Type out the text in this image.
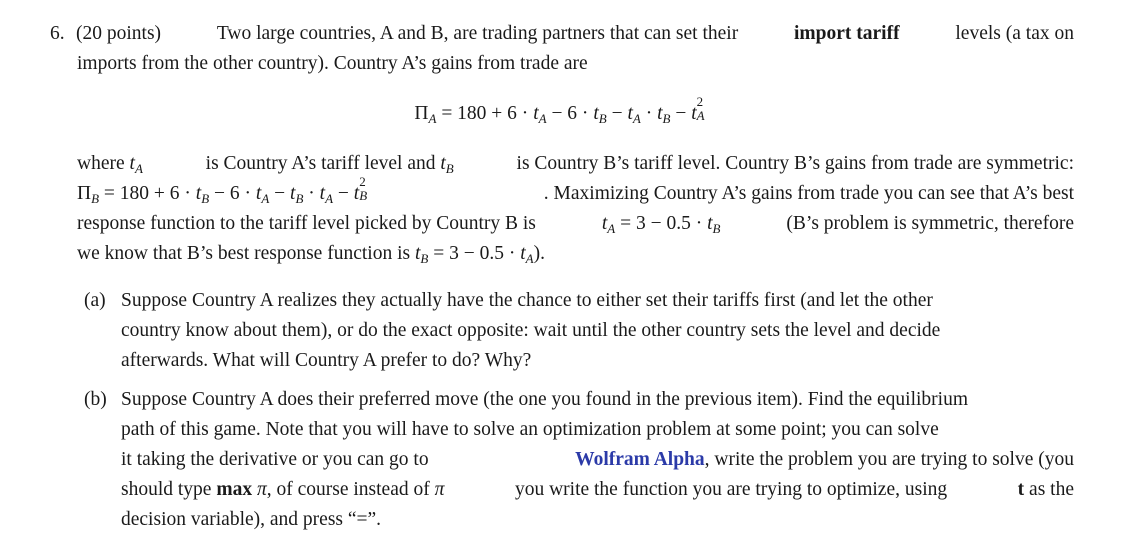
6. (20 points)	Two large countries, A and B, are trading partners that can set their	import tariff	levels (a tax on
imports from the other country). Country A’s gains from trade are
$\Pi_A = 180 + 6 \cdot t_A - 6 \cdot t_B - t_A \cdot t_B - t$
2
A
where $t_A$	is Country A’s tariff level and $t_B$	is Country B’s tariff level. Country B’s gains from trade are symmetric:
$\Pi_B = 180 + 6 \cdot t_B - 6 \cdot t_A - t_B \cdot t_A - t$
2
B	. Maximizing Country A’s gains from trade you can see that A’s best
response function to the tariff level picked by Country B is	$t_A = 3 - 0.5 \cdot t_B$	(B’s problem is symmetric, therefore
we know that B’s best response function is $t_B = 3 - 0.5 \cdot t_A$).
(a) Suppose Country A realizes they actually have the chance to either set their tariffs first (and let the other
country know about them), or do the exact opposite: wait until the other country sets the level and decide
afterwards. What will Country A prefer to do? Why?
(b) Suppose Country A does their preferred move (the one you found in the previous item). Find the equilibrium
path of this game. Note that you will have to solve an optimization problem at some point; you can solve
it taking the derivative or you can go to	Wolfram Alpha, write the problem you are trying to solve (you
should type max π, of course instead of π	you write the function you are trying to optimize, using	t as the
decision variable), and press “=”.
